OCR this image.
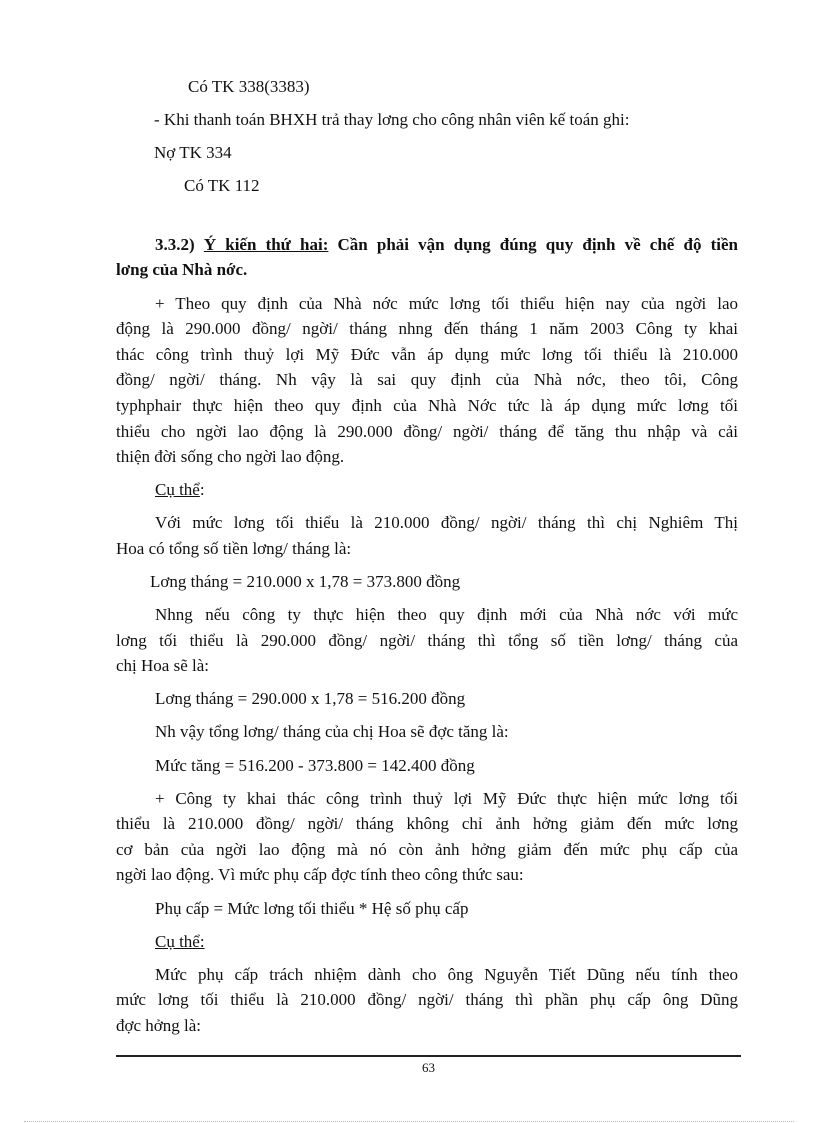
Có TK 338(3383)
- Khi thanh toán BHXH trả thay lơng cho công nhân viên kế toán ghi:
Nợ TK 334
Có TK 112
3.3.2) Ý kiến thứ hai: Cần phải vận dụng đúng quy định về chế độ tiền
lơng của Nhà nớc.
+ Theo quy định của Nhà nớc mức lơng tối thiểu hiện nay của ngời lao
động là 290.000 đồng/ ngời/ tháng nhng đến tháng 1 năm 2003 Công ty khai
thác công trình thuỷ lợi Mỹ Đức vẫn áp dụng mức lơng tối thiểu là 210.000
đồng/ ngời/ tháng. Nh vậy là sai quy định của Nhà nớc, theo tôi, Công
typhphair thực hiện theo quy định của Nhà Nớc tức là áp dụng mức lơng tối
thiểu cho ngời lao động là 290.000 đồng/ ngời/ tháng để tăng thu nhập và cải
thiện đời sống cho ngời lao động.
Cụ thể:
Với mức lơng tối thiểu là 210.000 đồng/ ngời/ tháng thì chị Nghiêm Thị
Hoa có tổng số tiền lơng/ tháng là:
Lơng tháng = 210.000 x 1,78 = 373.800 đồng
Nhng nếu công ty thực hiện theo quy định mới của Nhà nớc với mức
lơng tối thiểu là 290.000 đồng/ ngời/ tháng thì tổng số tiền lơng/ tháng của
chị Hoa sẽ là:
Lơng tháng = 290.000 x 1,78 = 516.200 đồng
Nh vậy tổng lơng/ tháng của chị Hoa sẽ đợc tăng là:
Mức tăng = 516.200 - 373.800 = 142.400 đồng
+ Công ty khai thác công trình thuỷ lợi Mỹ Đức thực hiện mức lơng tối
thiểu là 210.000 đồng/ ngời/ tháng không chỉ ảnh hởng giảm đến mức lơng
cơ bản của ngời lao động mà nó còn ảnh hởng giảm đến mức phụ cấp của
ngời lao động. Vì mức phụ cấp đợc tính theo công thức sau:
Phụ cấp = Mức lơng tối thiểu * Hệ số phụ cấp
Cụ thể:
Mức phụ cấp trách nhiệm dành cho ông Nguyễn Tiết Dũng nếu tính theo
mức lơng tối thiểu là 210.000 đồng/ ngời/ tháng thì phần phụ cấp ông Dũng
đợc hởng là:
63
